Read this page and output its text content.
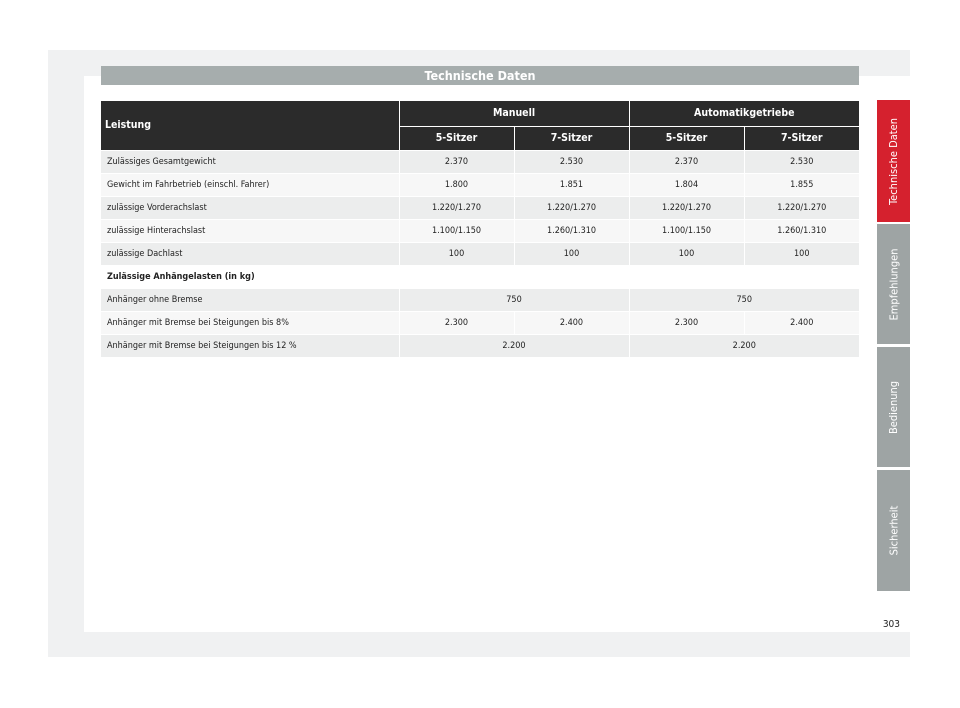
Technische Daten
Leistung	Manuell		Automatikgetriebe	
	5-Sitzer	7-Sitzer	5-Sitzer	7-Sitzer
Zulässiges Gesamtgewicht	2.370	2.530	2.370	2.530
Gewicht im Fahrbetrieb (einschl. Fahrer)	1.800	1.851	1.804	1.855
zulässige Vorderachslast	1.220/1.270	1.220/1.270	1.220/1.270	1.220/1.270
zulässige Hinterachslast	1.100/1.150	1.260/1.310	1.100/1.150	1.260/1.310
zulässige Dachlast	100	100	100	100
Zulässige Anhängelasten (in kg)				
Anhänger ohne Bremse	750		750	
Anhänger mit Bremse bei Steigungen bis 8%	2.300	2.400	2.300	2.400
Anhänger mit Bremse bei Steigungen bis 12 %	2.200		2.200	
Technische Daten
Empfehlungen
Bedienung
Sicherheit
303
